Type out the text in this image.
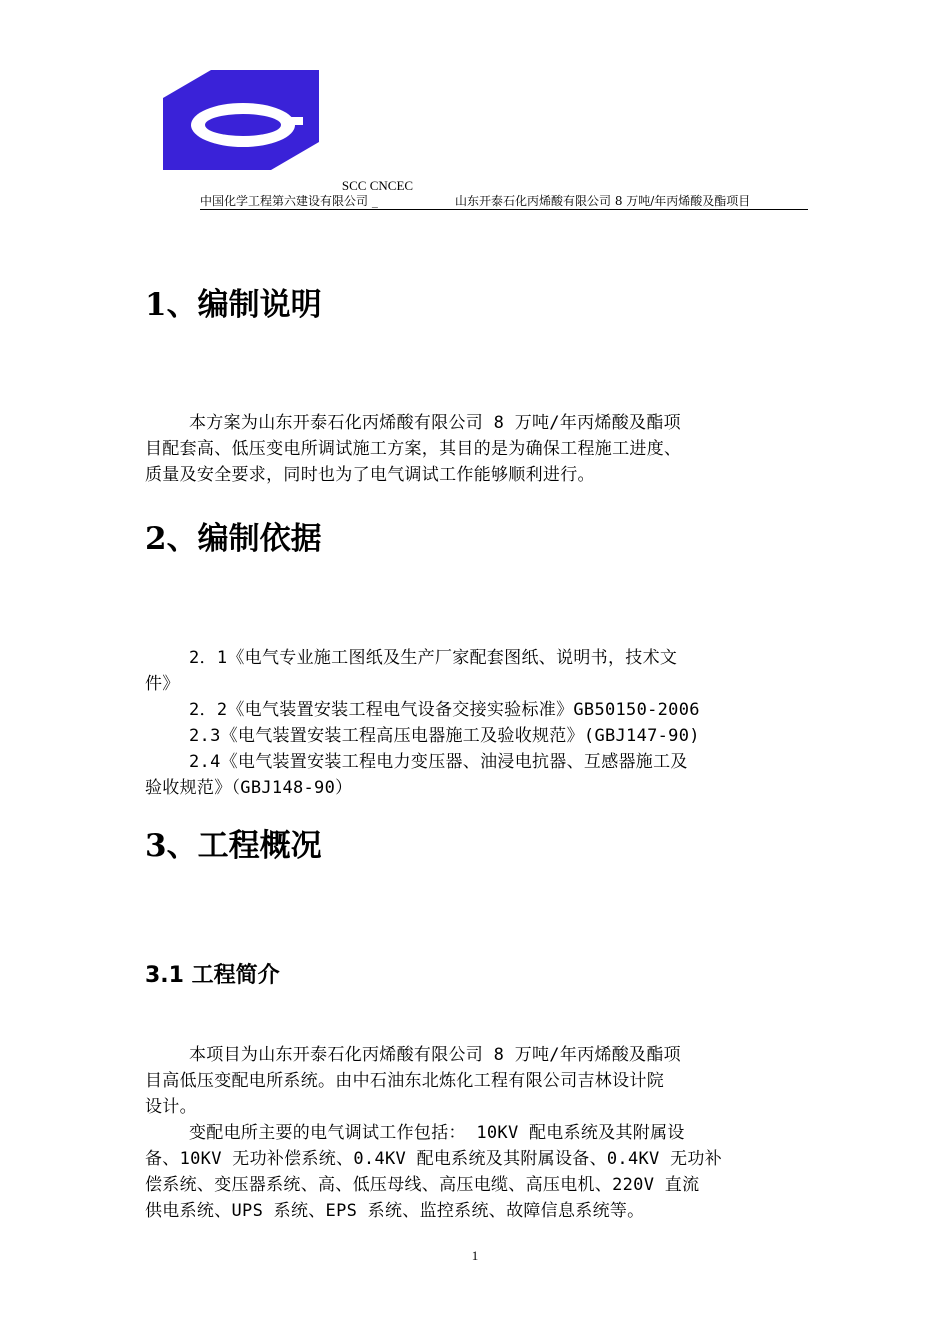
SCC CNCEC
中国化学工程第六建设有限公司 _	山东开泰石化丙烯酸有限公司 8 万吨/年丙烯酸及酯项目
1、编制说明
本方案为山东开泰石化丙烯酸有限公司 8 万吨/年丙烯酸及酯项
目配套高、低压变电所调试施工方案，其目的是为确保工程施工进度、
质量及安全要求，同时也为了电气调试工作能够顺利进行。
2、编制依据
2．1《电气专业施工图纸及生产厂家配套图纸、说明书，技术文
件》
2．2《电气装置安装工程电气设备交接实验标准》GB50150-2006
2.3《电气装置安装工程高压电器施工及验收规范》(GBJ147-90)
2.4《电气装置安装工程电力变压器、油浸电抗器、互感器施工及
验收规范》（GBJ148-90）
3、工程概况
3.1 工程简介
本项目为山东开泰石化丙烯酸有限公司 8 万吨/年丙烯酸及酯项
目高低压变配电所系统。由中石油东北炼化工程有限公司吉林设计院
设计。
变配电所主要的电气调试工作包括： 10KV 配电系统及其附属设
备、10KV 无功补偿系统、0.4KV 配电系统及其附属设备、0.4KV 无功补
偿系统、变压器系统、高、低压母线、高压电缆、高压电机、220V 直流
供电系统、UPS 系统、EPS 系统、监控系统、故障信息系统等。
1
